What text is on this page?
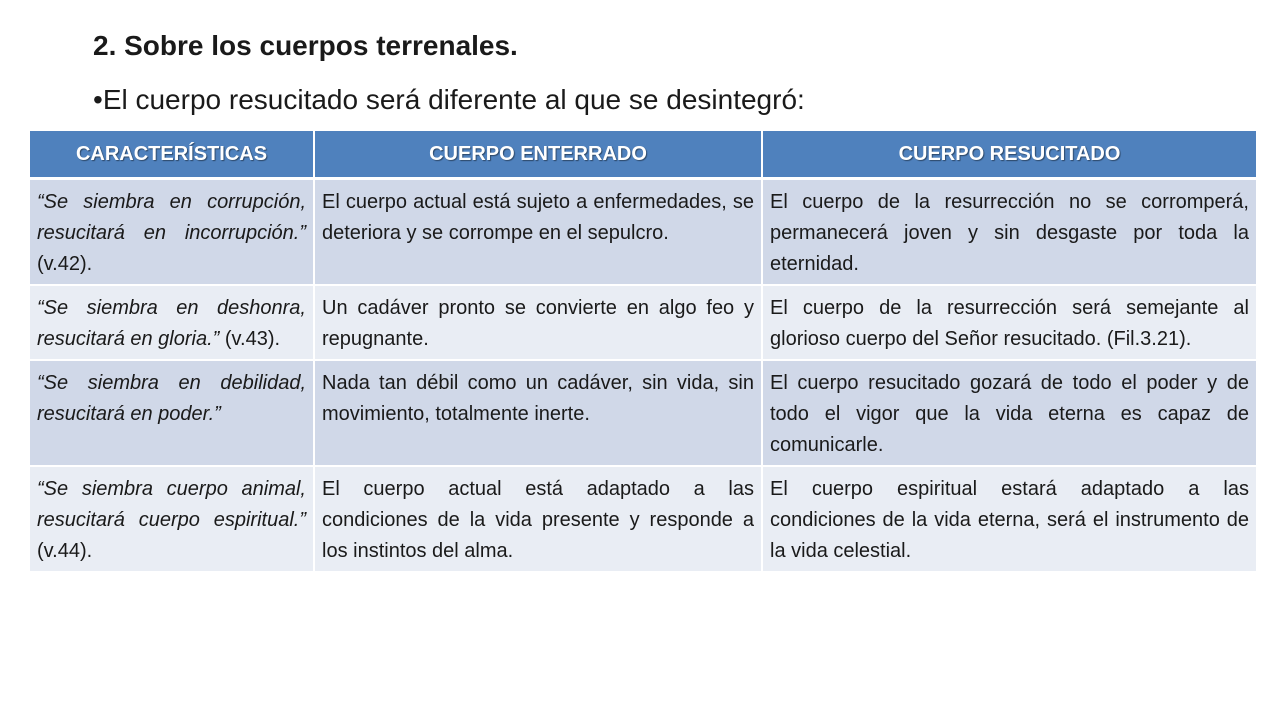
2. Sobre los cuerpos terrenales.
•El cuerpo resucitado será diferente al que se desintegró:
CARACTERÍSTICAS	CUERPO ENTERRADO	CUERPO RESUCITADO
“Se siembra en corrupción, resucitará en incorrupción.” (v.42).	El cuerpo actual está sujeto a enfermedades, se deteriora y se corrompe en el sepulcro.	El cuerpo de la resurrección no se corromperá, permanecerá joven y sin desgaste por toda la eternidad.
“Se siembra en deshonra, resucitará en gloria.” (v.43).	Un cadáver pronto se convierte en algo feo y repugnante.	El cuerpo de la resurrección será semejante al glorioso cuerpo del Señor resucitado. (Fil.3.21).
“Se siembra en debilidad, resucitará en poder.”	Nada tan débil como un cadáver, sin vida, sin movimiento, totalmente inerte.	El cuerpo resucitado gozará de todo el poder y de todo el vigor que la vida eterna es capaz de comunicarle.
“Se siembra cuerpo animal, resucitará cuerpo espiritual.” (v.44).	El cuerpo actual está adaptado a las condiciones de la vida presente y responde a los instintos del alma.	El cuerpo espiritual estará adaptado a las condiciones de la vida eterna, será el instrumento de la vida celestial.
